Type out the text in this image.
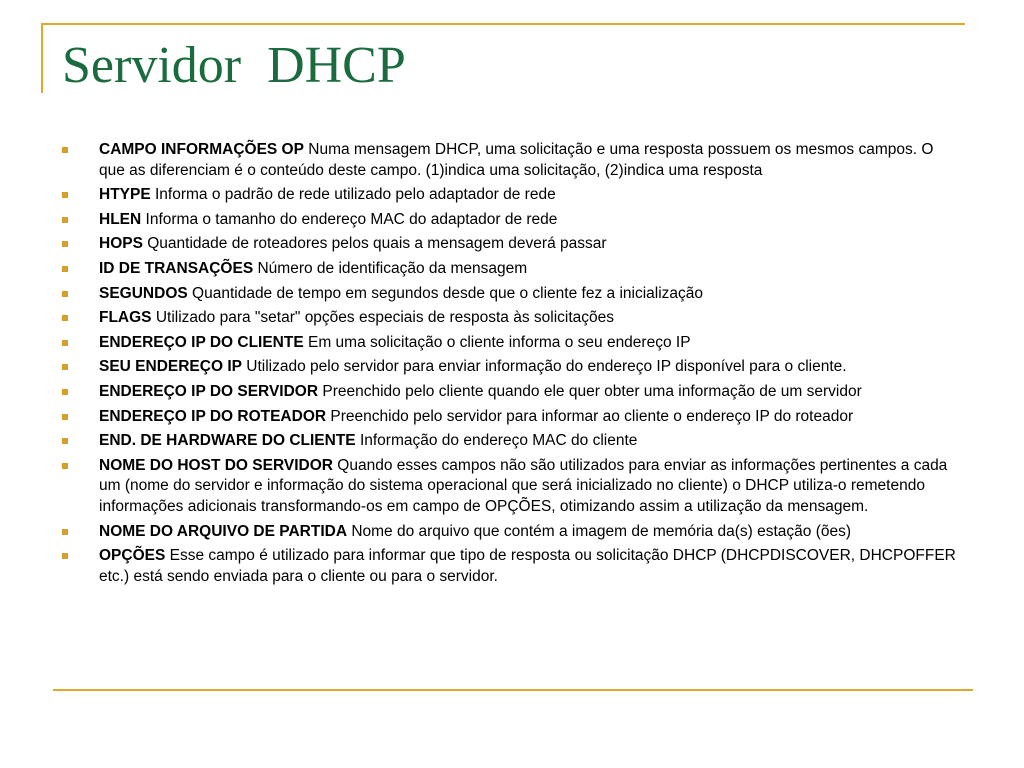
Servidor  DHCP
CAMPO INFORMAÇÕES OP Numa mensagem DHCP, uma solicitação e uma resposta possuem os mesmos campos. O que as diferenciam é o conteúdo deste campo. (1)indica uma solicitação, (2)indica uma resposta
HTYPE Informa o padrão de rede utilizado pelo adaptador de rede
HLEN Informa o tamanho do endereço MAC do adaptador de rede
HOPS Quantidade de roteadores pelos quais a mensagem deverá passar
ID DE TRANSAÇÕES Número de identificação da mensagem
SEGUNDOS Quantidade de tempo em segundos desde que o cliente fez a inicialização
FLAGS Utilizado para "setar" opções especiais de resposta às solicitações
ENDEREÇO IP DO CLIENTE Em uma solicitação o cliente informa o seu endereço IP
SEU ENDEREÇO IP Utilizado pelo servidor para enviar informação do endereço IP disponível para o cliente.
ENDEREÇO IP DO SERVIDOR Preenchido pelo cliente quando ele quer obter uma informação de um servidor
ENDEREÇO IP DO ROTEADOR Preenchido pelo servidor para informar ao cliente o endereço IP do roteador
END. DE HARDWARE DO CLIENTE Informação do endereço MAC do cliente
NOME DO HOST DO SERVIDOR Quando esses campos não são utilizados para enviar as informações pertinentes a cada um (nome do servidor e informação do sistema operacional que será inicializado no cliente) o DHCP utiliza-o remetendo informações adicionais transformando-os em campo de OPÇÕES, otimizando assim a utilização da mensagem.
NOME DO ARQUIVO DE PARTIDA Nome do arquivo que contém a imagem de memória da(s) estação (ões)
OPÇÕES Esse campo é utilizado para informar que tipo de resposta ou solicitação DHCP (DHCPDISCOVER, DHCPOFFER etc.) está sendo enviada para o cliente ou para o servidor.
